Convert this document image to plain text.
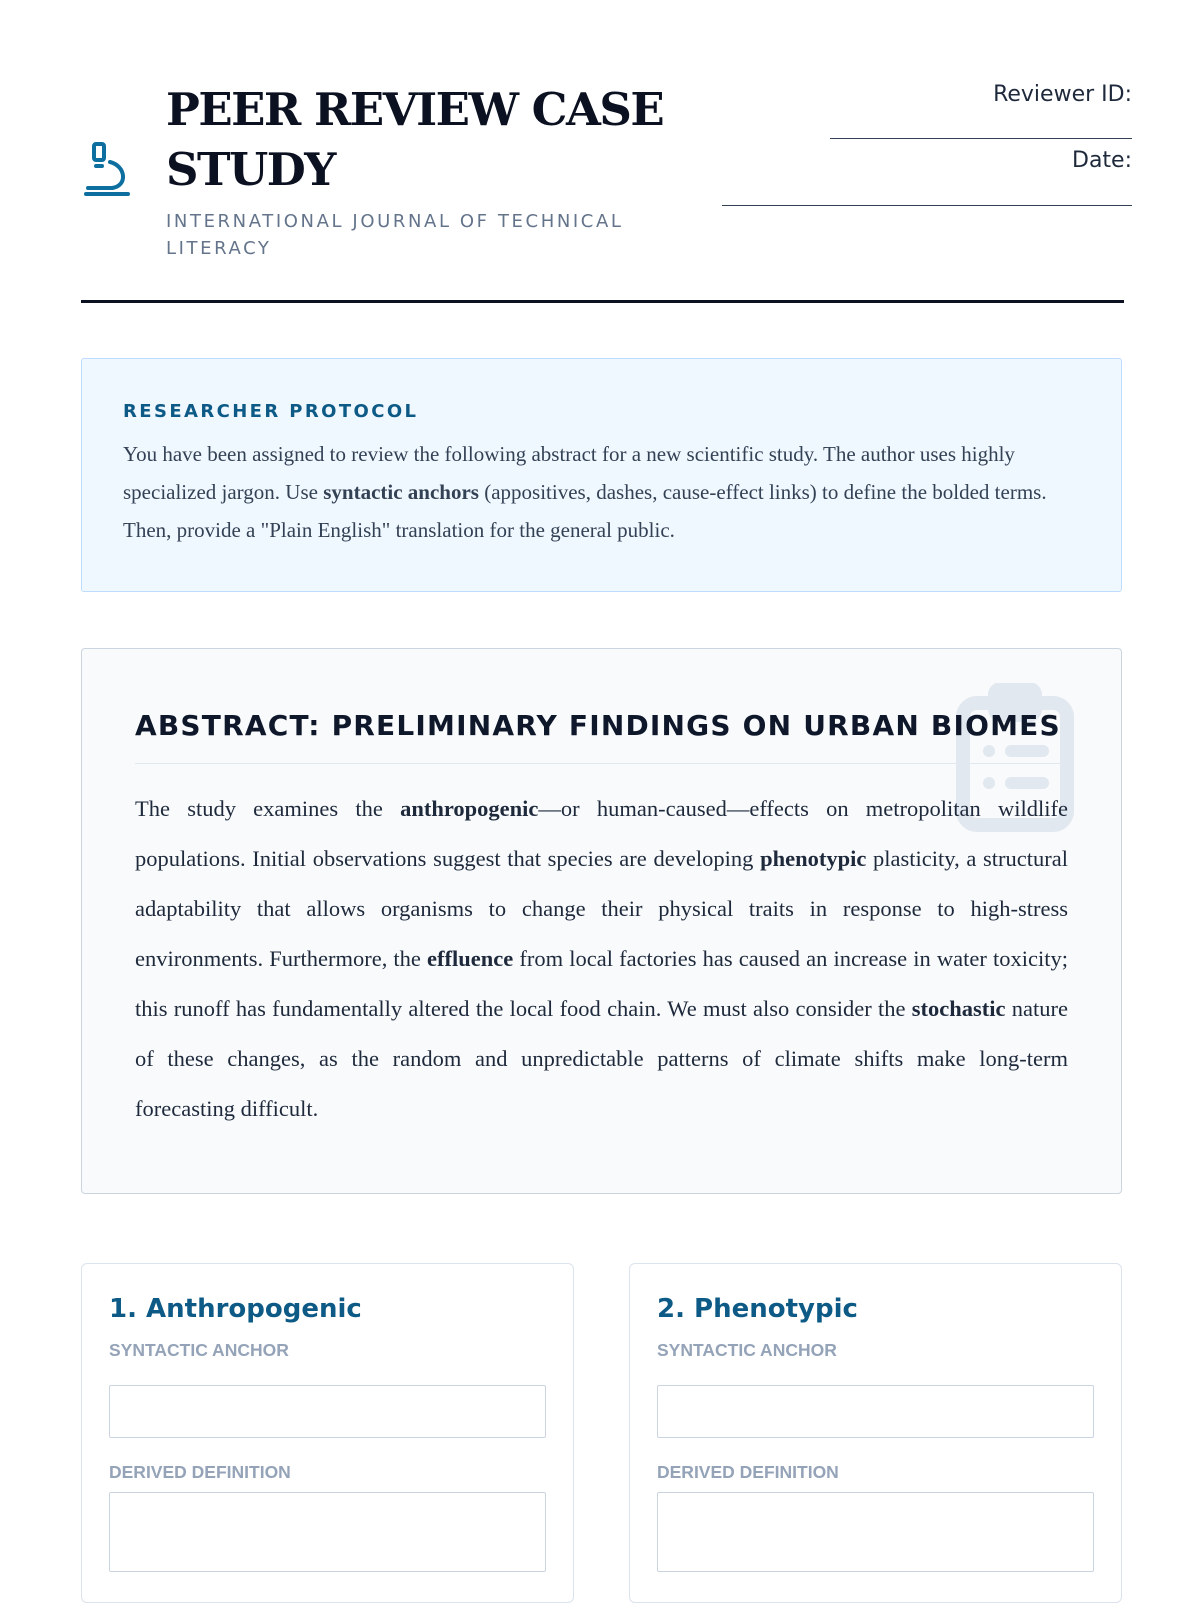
PEER REVIEW CASE STUDY

INTERNATIONAL JOURNAL OF TECHNICAL LITERACY

Reviewer ID:
Date:
RESEARCHER PROTOCOL

You have been assigned to review the following abstract for a new scientific study. The author uses highly specialized jargon. Use syntactic anchors (appositives, dashes, cause-effect links) to define the bolded terms. Then, provide a "Plain English" translation for the general public.

ABSTRACT: PRELIMINARY FINDINGS ON URBAN BIOMES

The study examines the anthropogenic—or human-caused—effects on metropolitan wildlife populations. Initial observations suggest that species are developing phenotypic plasticity, a structural adaptability that allows organisms to change their physical traits in response to high-stress environments. Furthermore, the effluence from local factories has caused an increase in water toxicity; this runoff has fundamentally altered the local food chain. We must also consider the stochastic nature of these changes, as the random and unpredictable patterns of climate shifts make long-term forecasting difficult.

1. Anthropogenic

SYNTACTIC ANCHOR

DERIVED DEFINITION

2. Phenotypic

SYNTACTIC ANCHOR

DERIVED DEFINITION
